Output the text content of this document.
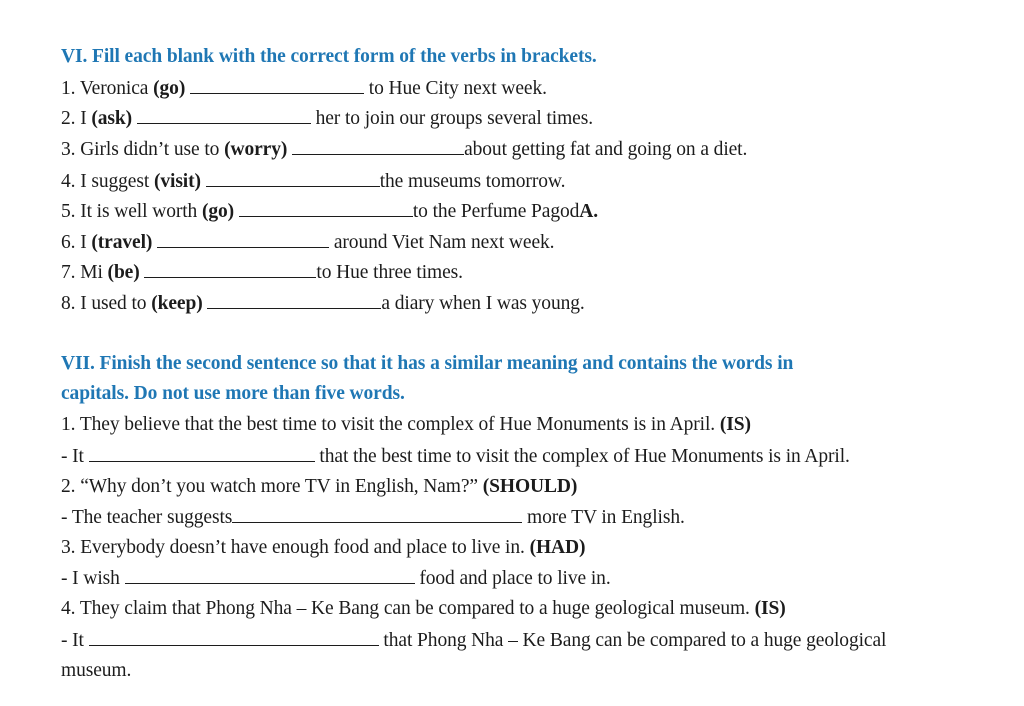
VI. Fill each blank with the correct form of the verbs in brackets.
1. Veronica (go)	to Hue City next week.
2. I (ask)	her to join our groups several times.
3. Girls didn’t use to (worry)	about getting fat and going on a diet.
4. I suggest (visit)	the museums tomorrow.
5. It is well worth (go)	to the Perfume PagodA.
6. I (travel)	around Viet Nam next week.
7. Mi (be)	to Hue three times.
8. I used to (keep)	a diary when I was young.
VII. Finish the second sentence so that it has a similar meaning and contains the words in
capitals. Do not use more than five words.
1. They believe that the best time to visit the complex of Hue Monuments is in April. (IS)
- It	that the best time to visit the complex of Hue Monuments is in April.
2. “Why don’t you watch more TV in English, Nam?” (SHOULD)
- The teacher suggests	more TV in English.
3. Everybody doesn’t have enough food and place to live in. (HAD)
- I wish	food and place to live in.
4. They claim that Phong Nha – Ke Bang can be compared to a huge geological museum. (IS)
- It	that Phong Nha – Ke Bang can be compared to a huge geological
museum.
